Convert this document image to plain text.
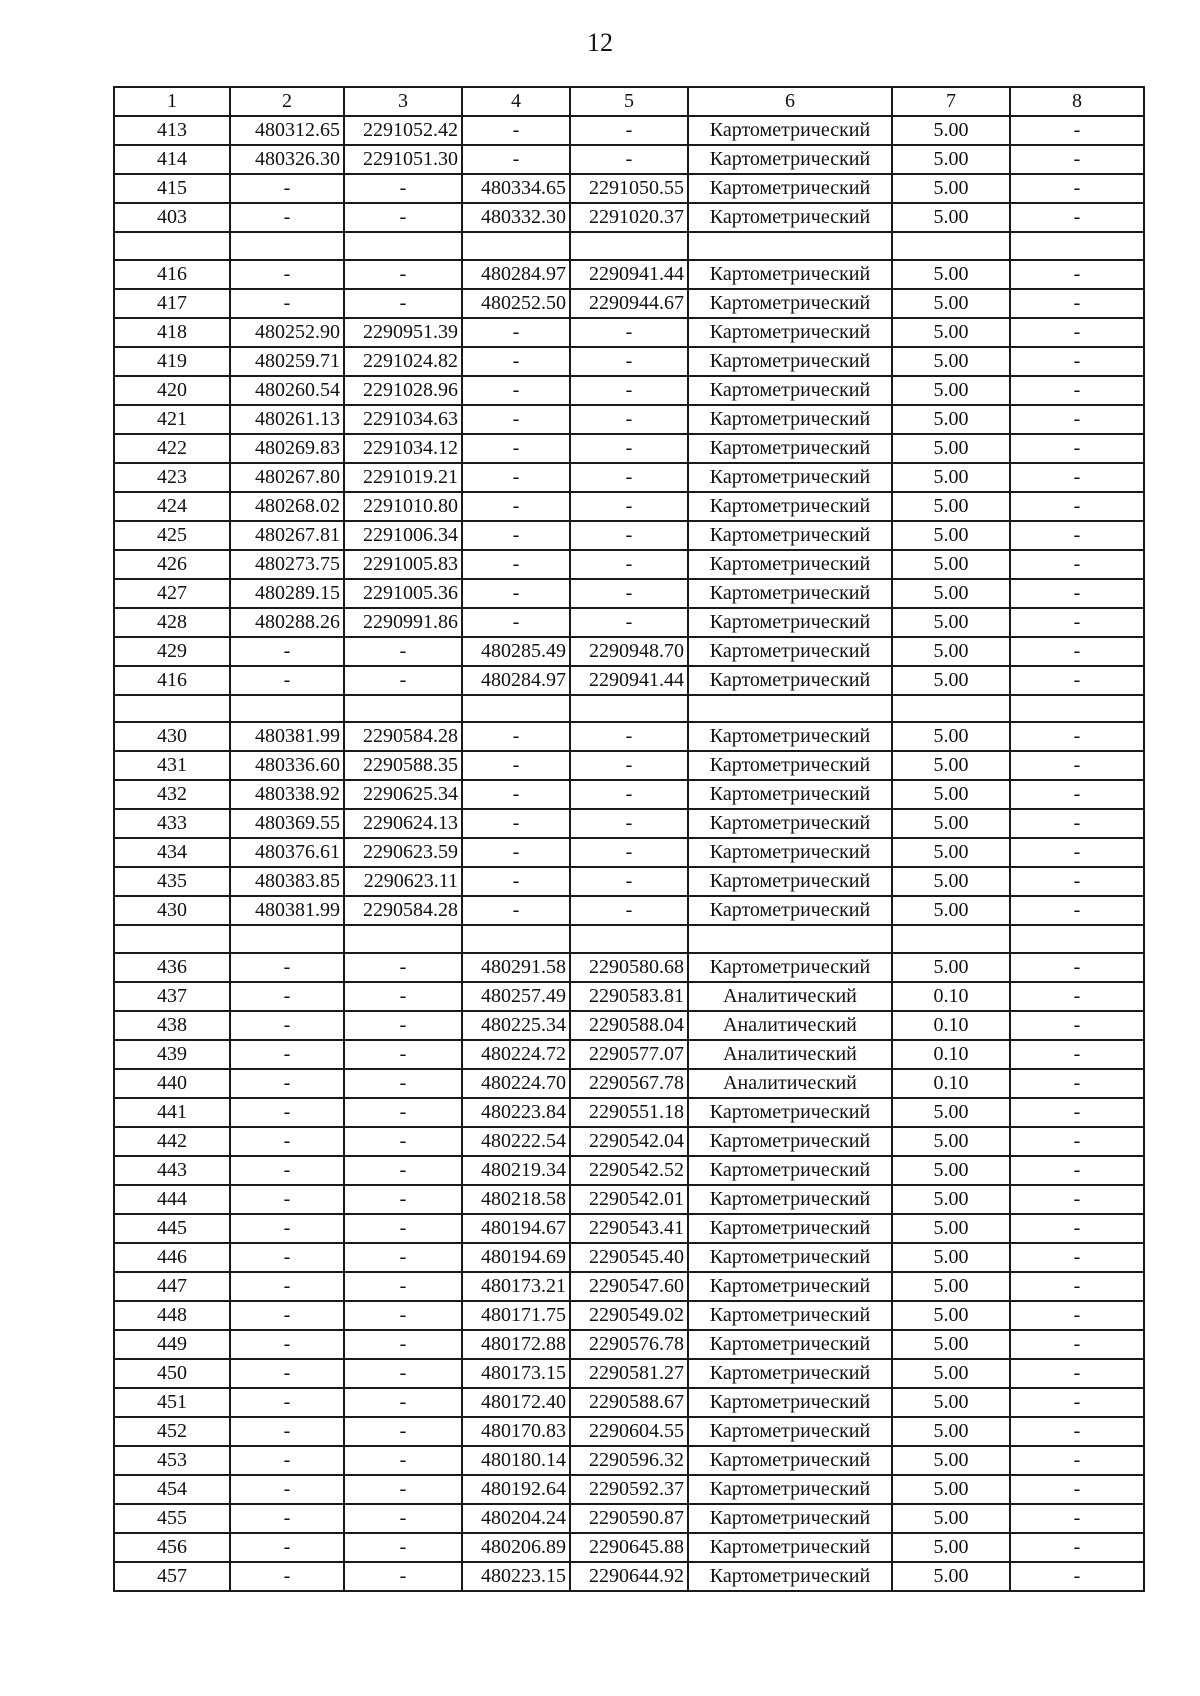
12
1	2	3	4	5	6	7	8
413	480312.65	2291052.42	-	-	Картометрический	5.00	-
414	480326.30	2291051.30	-	-	Картометрический	5.00	-
415	-	-	480334.65	2291050.55	Картометрический	5.00	-
403	-	-	480332.30	2291020.37	Картометрический	5.00	-

416	-	-	480284.97	2290941.44	Картометрический	5.00	-
417	-	-	480252.50	2290944.67	Картометрический	5.00	-
418	480252.90	2290951.39	-	-	Картометрический	5.00	-
419	480259.71	2291024.82	-	-	Картометрический	5.00	-
420	480260.54	2291028.96	-	-	Картометрический	5.00	-
421	480261.13	2291034.63	-	-	Картометрический	5.00	-
422	480269.83	2291034.12	-	-	Картометрический	5.00	-
423	480267.80	2291019.21	-	-	Картометрический	5.00	-
424	480268.02	2291010.80	-	-	Картометрический	5.00	-
425	480267.81	2291006.34	-	-	Картометрический	5.00	-
426	480273.75	2291005.83	-	-	Картометрический	5.00	-
427	480289.15	2291005.36	-	-	Картометрический	5.00	-
428	480288.26	2290991.86	-	-	Картометрический	5.00	-
429	-	-	480285.49	2290948.70	Картометрический	5.00	-
416	-	-	480284.97	2290941.44	Картометрический	5.00	-

430	480381.99	2290584.28	-	-	Картометрический	5.00	-
431	480336.60	2290588.35	-	-	Картометрический	5.00	-
432	480338.92	2290625.34	-	-	Картометрический	5.00	-
433	480369.55	2290624.13	-	-	Картометрический	5.00	-
434	480376.61	2290623.59	-	-	Картометрический	5.00	-
435	480383.85	2290623.11	-	-	Картометрический	5.00	-
430	480381.99	2290584.28	-	-	Картометрический	5.00	-

436	-	-	480291.58	2290580.68	Картометрический	5.00	-
437	-	-	480257.49	2290583.81	Аналитический	0.10	-
438	-	-	480225.34	2290588.04	Аналитический	0.10	-
439	-	-	480224.72	2290577.07	Аналитический	0.10	-
440	-	-	480224.70	2290567.78	Аналитический	0.10	-
441	-	-	480223.84	2290551.18	Картометрический	5.00	-
442	-	-	480222.54	2290542.04	Картометрический	5.00	-
443	-	-	480219.34	2290542.52	Картометрический	5.00	-
444	-	-	480218.58	2290542.01	Картометрический	5.00	-
445	-	-	480194.67	2290543.41	Картометрический	5.00	-
446	-	-	480194.69	2290545.40	Картометрический	5.00	-
447	-	-	480173.21	2290547.60	Картометрический	5.00	-
448	-	-	480171.75	2290549.02	Картометрический	5.00	-
449	-	-	480172.88	2290576.78	Картометрический	5.00	-
450	-	-	480173.15	2290581.27	Картометрический	5.00	-
451	-	-	480172.40	2290588.67	Картометрический	5.00	-
452	-	-	480170.83	2290604.55	Картометрический	5.00	-
453	-	-	480180.14	2290596.32	Картометрический	5.00	-
454	-	-	480192.64	2290592.37	Картометрический	5.00	-
455	-	-	480204.24	2290590.87	Картометрический	5.00	-
456	-	-	480206.89	2290645.88	Картометрический	5.00	-
457	-	-	480223.15	2290644.92	Картометрический	5.00	-
